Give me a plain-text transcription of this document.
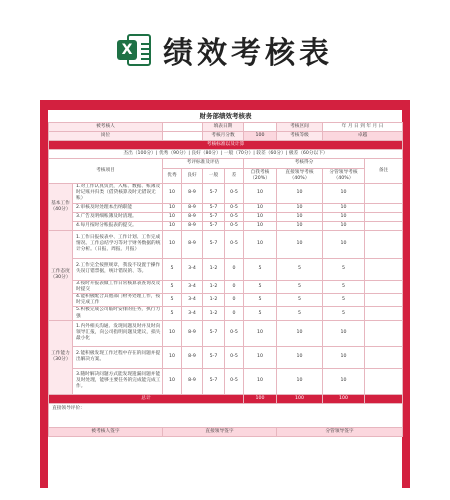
X 绩效考核表
财务部绩效考核表									
被考核人				填表日期			考核区间	年 月 日 到 年 月 日	
岗位				考核月分数		100	考核等级	卓越	
考核标准以及计算									
杰出（100分）| 优秀（90分）| 良好（80分）| 一般（70分）| 较差（60分）| 极差（60分以下）									
考核项目		考评标准及评估				考核得分			备注
		优秀	良好	一般	差	自我考核（20%）	直接领导考核（40%）	分管领导考核（40%）	
基本工作（40分）	1.对工作认真负责，入账、数据、账簿及时记账并归类（借贷核算及时无错误无账）	10	8-9	5-7	0-5	10	10	10	
	2.审核及时处理本出纳职能	10	8-9	5-7	0-5	10	10	10	
	3.广告及明细账簿及时清理。	10	8-9	5-7	0-5	10	10	10	
	4.每月按时分账报表的提交。	10	8-9	5-7	0-5	10	10	10	
工作态度（30分）	1.工作日报按表中、工作计划、工作完成情况、工作总结学习等对于财务数据的统计分析。（日报、周报、月报）	10	8-9	5-7	0-5	10	10	10	
	2.工作完全按照规章，我没不设置于操作失误订错票据，统计错误的、等。	5	3-4	1-2	0	5	5	5	
	3.按时开报表做工作日常核算表查询及及时提交	5	3-4	1-2	0	5	5	5	
	4.能积极配合其他部门财务处理工作，按时完成工作	5	3-4	1-2	0	5	5	5	
	5.积极完成公司临时安排的任务，执行力强	5	3-4	1-2	0	5	5	5	
工作能力（30分）	1.内外相关沟通、发现问题及时并及时向领导汇报，向公司指明问题及建议，损失最小化	10	8-9	5-7	0-5	10	10	10	
	2.能积极发现工作过程中存在的问题并提出解决方案。	10	8-9	5-7	0-5	10	10	10	
	3.随时解决问题方式能发现遗漏问题并能及时处理，能够主要任务的完成能完成工作。	10	8-9	5-7	0-5	10	10	10	
总计						100	100	100	
直接领导评价：									
被考核人签字		直接领导签字					分管领导签字		
